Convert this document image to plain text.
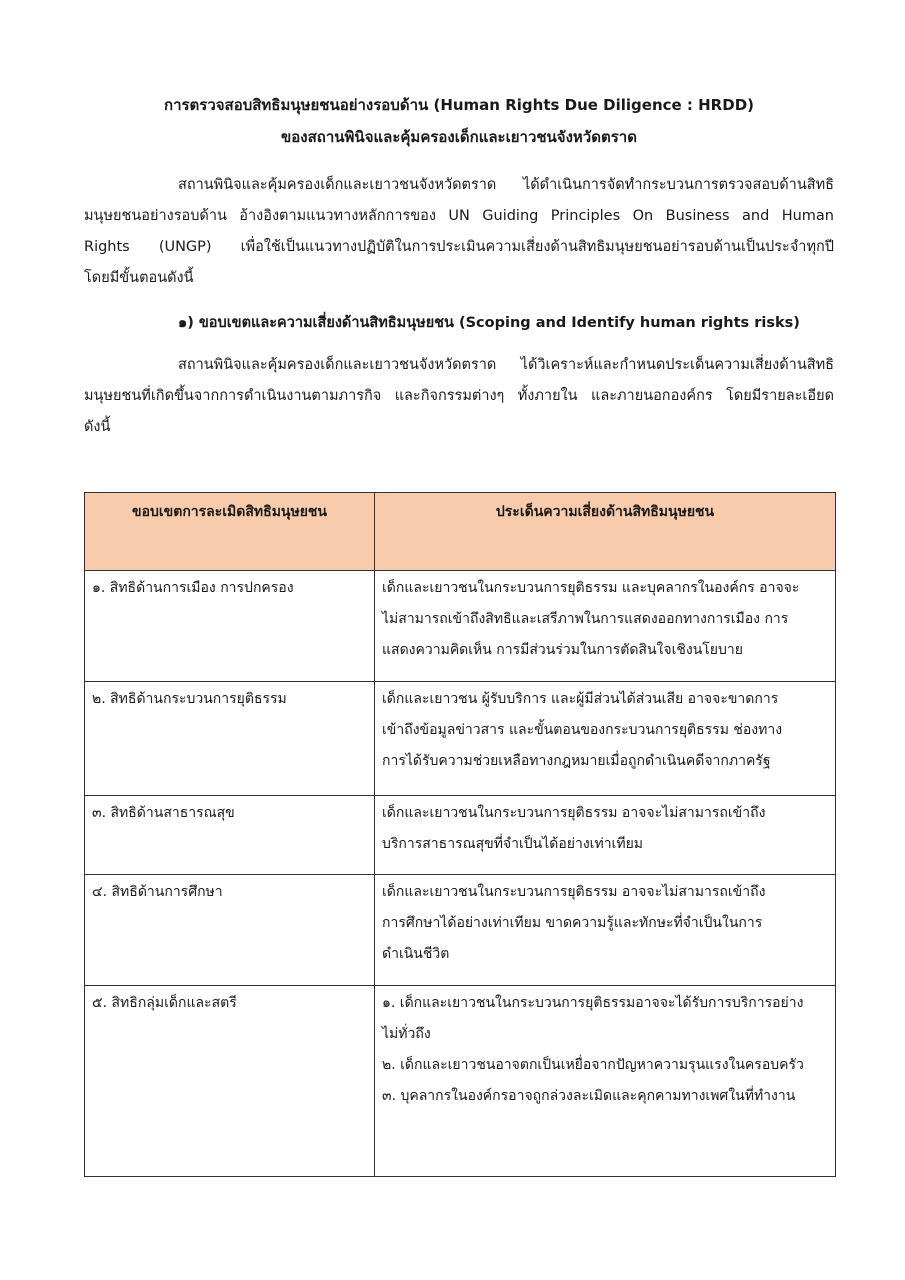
การตรวจสอบสิทธิมนุษยชนอย่างรอบด้าน (Human Rights Due Diligence : HRDD)
ของสถานพินิจและคุ้มครองเด็กและเยาวชนจังหวัดตราด
สถานพินิจและคุ้มครองเด็กและเยาวชนจังหวัดตราด ได้ดำเนินการจัดทำกระบวนการตรวจสอบด้านสิทธิ
มนุษยชนอย่างรอบด้าน อ้างอิงตามแนวทางหลักการของ UN Guiding Principles On Business and Human
Rights (UNGP) เพื่อใช้เป็นแนวทางปฏิบัติในการประเมินความเสี่ยงด้านสิทธิมนุษยชนอย่ารอบด้านเป็นประจำทุกปี
โดยมีขั้นตอนดังนี้
๑) ขอบเขตและความเสี่ยงด้านสิทธิมนุษยชน (Scoping and Identify human rights risks)
สถานพินิจและคุ้มครองเด็กและเยาวชนจังหวัดตราด ได้วิเคราะห์และกำหนดประเด็นความเสี่ยงด้านสิทธิ
มนุษยชนที่เกิดขึ้นจากการดำเนินงานตามภารกิจ และกิจกรรมต่างๆ ทั้งภายใน และภายนอกองค์กร โดยมีรายละเอียด
ดังนี้
ขอบเขตการละเมิดสิทธิมนุษยชน	ประเด็นความเสี่ยงด้านสิทธิมนุษยชน

๑. สิทธิด้านการเมือง การปกครอง	เด็กและเยาวชนในกระบวนการยุติธรรม และบุคลากรในองค์กร อาจจะ
ไม่สามารถเข้าถึงสิทธิและเสรีภาพในการแสดงออกทางการเมือง การ
แสดงความคิดเห็น การมีส่วนร่วมในการตัดสินใจเชิงนโยบาย

๒. สิทธิด้านกระบวนการยุติธรรม	เด็กและเยาวชน ผู้รับบริการ และผู้มีส่วนได้ส่วนเสีย อาจจะขาดการ
เข้าถึงข้อมูลข่าวสาร และขั้นตอนของกระบวนการยุติธรรม ช่องทาง
การได้รับความช่วยเหลือทางกฎหมายเมื่อถูกดำเนินคดีจากภาครัฐ

๓. สิทธิด้านสาธารณสุข	เด็กและเยาวชนในกระบวนการยุติธรรม อาจจะไม่สามารถเข้าถึง
บริการสาธารณสุขที่จำเป็นได้อย่างเท่าเทียม

๔. สิทธิด้านการศึกษา	เด็กและเยาวชนในกระบวนการยุติธรรม อาจจะไม่สามารถเข้าถึง
การศึกษาได้อย่างเท่าเทียม ขาดความรู้และทักษะที่จำเป็นในการ
ดำเนินชีวิต

๕. สิทธิกลุ่มเด็กและสตรี	๑. เด็กและเยาวชนในกระบวนการยุติธรรมอาจจะได้รับการบริการอย่าง
ไม่ทั่วถึง
๒. เด็กและเยาวชนอาจตกเป็นเหยื่อจากปัญหาความรุนแรงในครอบครัว
๓. บุคลากรในองค์กรอาจถูกล่วงละเมิดและคุกคามทางเพศในที่ทำงาน
